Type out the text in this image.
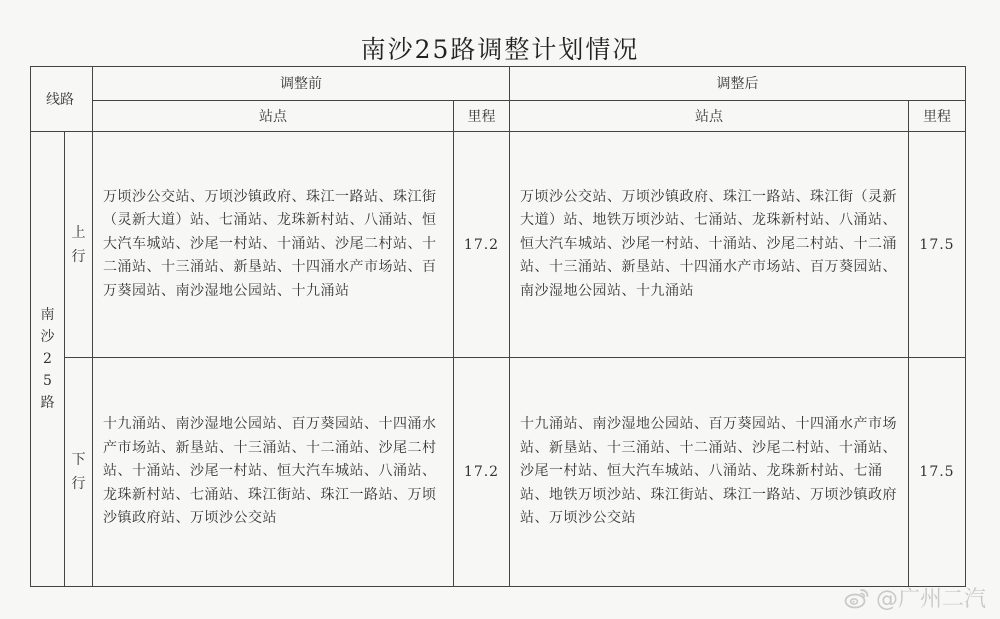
南沙25路调整计划情况
线路		调整前		调整后	
		站点	里程	站点	里程

南沙25路	上行	万顷沙公交站、万顷沙镇政府、珠江一路站、珠江街（灵新大道）站、七涌站、龙珠新村站、八涌站、恒大汽车城站、沙尾一村站、十涌站、沙尾二村站、十二涌站、十三涌站、新垦站、十四涌水产市场站、百万葵园站、南沙湿地公园站、十九涌站	17.2	万顷沙公交站、万顷沙镇政府、珠江一路站、珠江街（灵新大道）站、地铁万顷沙站、七涌站、龙珠新村站、八涌站、恒大汽车城站、沙尾一村站、十涌站、沙尾二村站、十二涌站、十三涌站、新垦站、十四涌水产市场站、百万葵园站、南沙湿地公园站、十九涌站	17.5

	下行	十九涌站、南沙湿地公园站、百万葵园站、十四涌水产市场站、新垦站、十三涌站、十二涌站、沙尾二村站、十涌站、沙尾一村站、恒大汽车城站、八涌站、龙珠新村站、七涌站、珠江街站、珠江一路站、万顷沙镇政府站、万顷沙公交站	17.2	十九涌站、南沙湿地公园站、百万葵园站、十四涌水产市场站、新垦站、十三涌站、十二涌站、沙尾二村站、十涌站、沙尾一村站、恒大汽车城站、八涌站、龙珠新村站、七涌站、地铁万顷沙站、珠江街站、珠江一路站、万顷沙镇政府站、万顷沙公交站	17.5
@广州二汽
